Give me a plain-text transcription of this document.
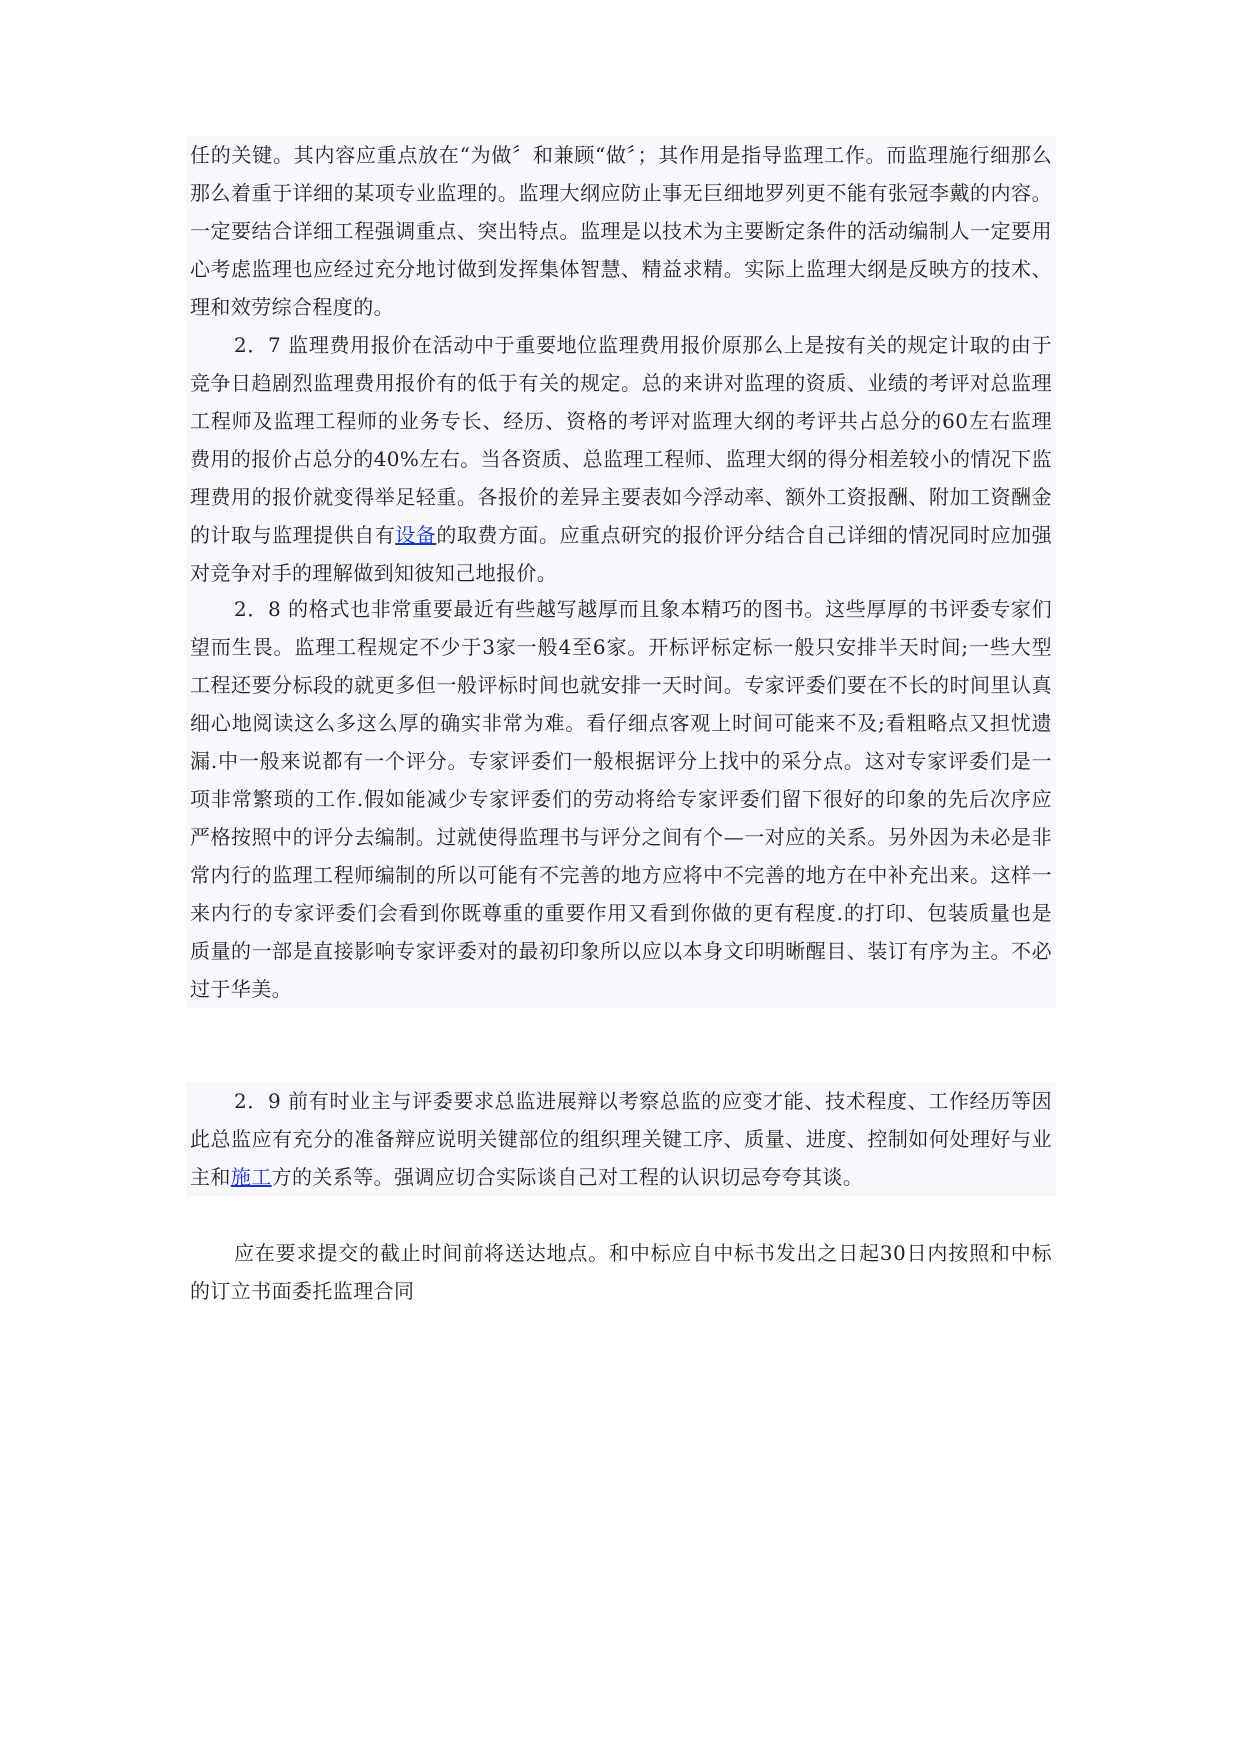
任的关键。其内容应重点放在“为做〞和兼顾“做〞；其作用是指导监理工作。而监理施行细那么那么着重于详细的某项专业监理的。监理大纲应防止事无巨细地罗列更不能有张冠李戴的内容。一定要结合详细工程强调重点、突出特点。监理是以技术为主要断定条件的活动编制人一定要用心考虑监理也应经过充分地讨做到发挥集体智慧、精益求精。实际上监理大纲是反映方的技术、理和效劳综合程度的。

2．7 监理费用报价在活动中于重要地位监理费用报价原那么上是按有关的规定计取的由于竞争日趋剧烈监理费用报价有的低于有关的规定。总的来讲对监理的资质、业绩的考评对总监理工程师及监理工程师的业务专长、经历、资格的考评对监理大纲的考评共占总分的60左右监理费用的报价占总分的40%左右。当各资质、总监理工程师、监理大纲的得分相差较小的情况下监理费用的报价就变得举足轻重。各报价的差异主要表如今浮动率、额外工资报酬、附加工资酬金的计取与监理提供自有设备的取费方面。应重点研究的报价评分结合自己详细的情况同时应加强对竞争对手的理解做到知彼知己地报价。

2．8 的格式也非常重要最近有些越写越厚而且象本精巧的图书。这些厚厚的书评委专家们望而生畏。监理工程规定不少于3家一般4至6家。开标评标定标一般只安排半天时间;一些大型工程还要分标段的就更多但一般评标时间也就安排一天时间。专家评委们要在不长的时间里认真细心地阅读这么多这么厚的确实非常为难。看仔细点客观上时间可能来不及;看粗略点又担忧遗漏.中一般来说都有一个评分。专家评委们一般根据评分上找中的采分点。这对专家评委们是一项非常繁琐的工作.假如能减少专家评委们的劳动将给专家评委们留下很好的印象的先后次序应严格按照中的评分去编制。过就使得监理书与评分之间有个—一对应的关系。另外因为未必是非常内行的监理工程师编制的所以可能有不完善的地方应将中不完善的地方在中补充出来。这样一来内行的专家评委们会看到你既尊重的重要作用又看到你做的更有程度.的打印、包装质量也是质量的一部是直接影响专家评委对的最初印象所以应以本身文印明晰醒目、装订有序为主。不必过于华美。

2．9 前有时业主与评委要求总监进展辩以考察总监的应变才能、技术程度、工作经历等因此总监应有充分的准备辩应说明关键部位的组织理关键工序、质量、进度、控制如何处理好与业主和施工方的关系等。强调应切合实际谈自己对工程的认识切忌夸夸其谈。

应在要求提交的截止时间前将送达地点。和中标应自中标书发出之日起30日内按照和中标的订立书面委托监理合同
